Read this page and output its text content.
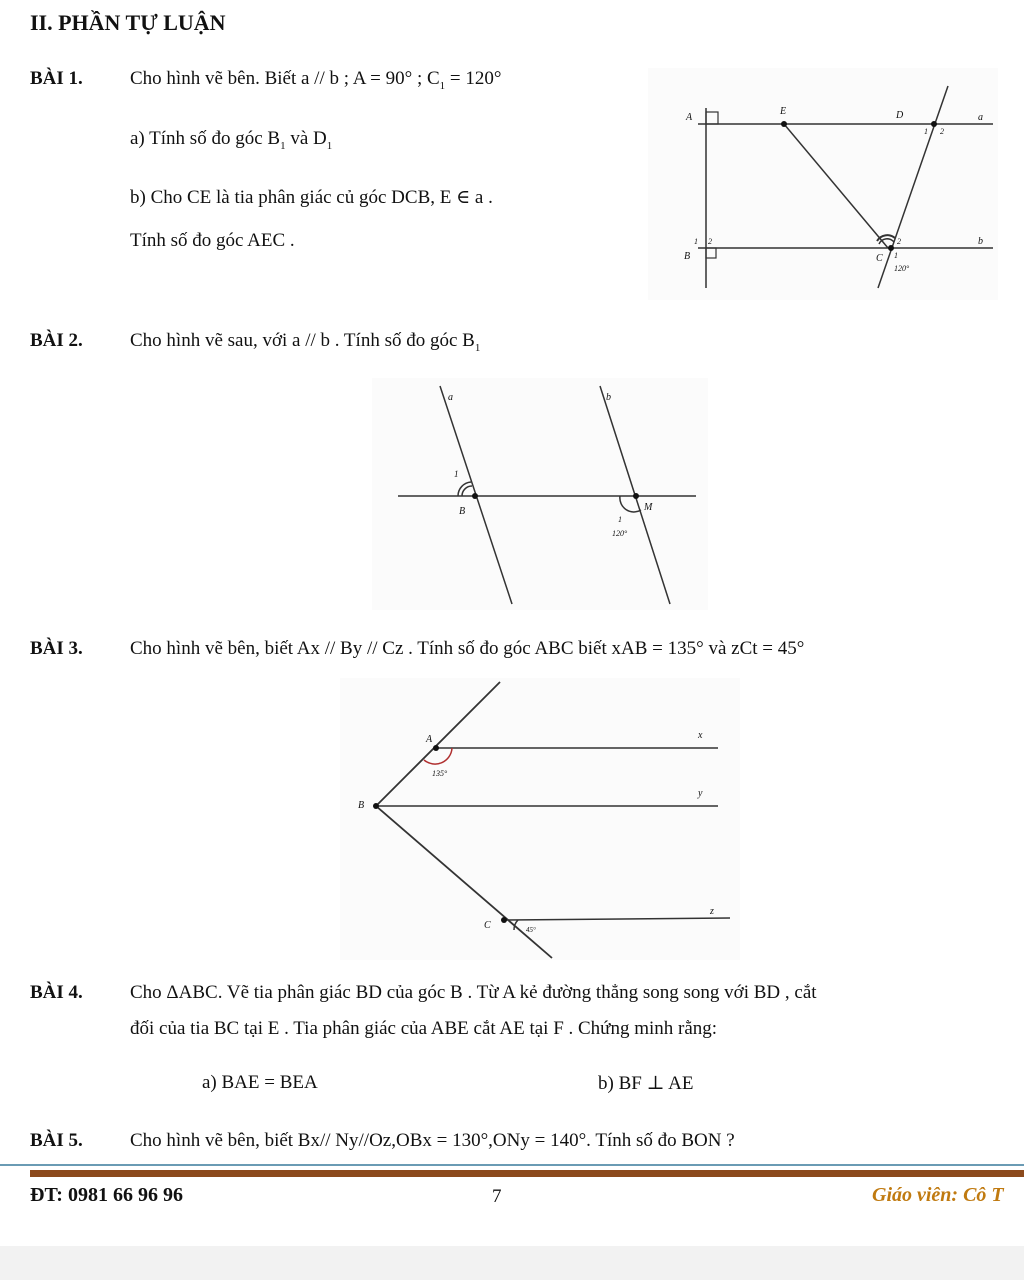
II. PHẦN TỰ LUẬN
BÀI 1. Cho hình vẽ bên. Biết a // b ; A = 90° ; $C_1 = 120^\circ$
a) Tính số đo góc $B_1$ và $D_1$
b) Cho CE là tia phân giác củ góc DCB, E ∈ a .
Tính số đo góc AEC .
A
E	D	a
1 2
1 2
B
b
2
C 1
120°
BÀI 2. Cho hình vẽ sau, với a // b . Tính số đo góc $B_1$
a	b
1
B	M
1
120°
BÀI 3. Cho hình vẽ bên, biết Ax // By // Cz . Tính số đo góc ABC biết xAB = 135° và zCt = 45°
A	x
135°
B
y
C
z
45°
BÀI 4. Cho ΔABC. Vẽ tia phân giác BD của góc B . Từ A kẻ đường thẳng song song với BD , cắt
đối của tia BC tại E . Tia phân giác của ABE cắt AE tại F . Chứng minh rằng:
a) BAE = BEA	b) BF ⊥ AE
BÀI 5. Cho hình vẽ bên, biết Bx// Ny//Oz,OBx = 130°,ONy = 140°. Tính số đo BON ?
ĐT: 0981 66 96 96	7	Giáo viên: Cô T
